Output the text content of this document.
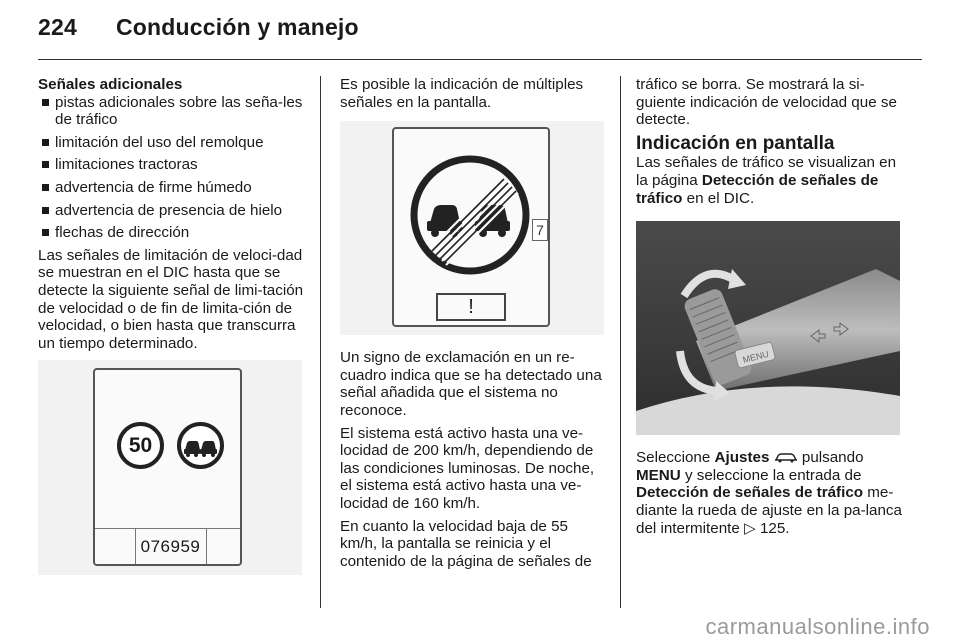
224 Conducción y manejo
Señales adicionales
pistas adicionales sobre las seña-les de tráfico
limitación del uso del remolque
limitaciones tractoras
advertencia de firme húmedo
advertencia de presencia de hielo
flechas de dirección

Las señales de limitación de veloci-dad se muestran en el DIC hasta que se detecte la siguiente señal de limi-tación de velocidad o de fin de limita-ción de velocidad, o bien hasta que transcurra un tiempo determinado.

50
076959

Es posible la indicación de múltiples señales en la pantalla.

!
7

Un signo de exclamación en un re-cuadro indica que se ha detectado una señal añadida que el sistema no reconoce.

El sistema está activo hasta una ve-locidad de 200 km/h, dependiendo de las condiciones luminosas. De noche, el sistema está activo hasta una ve-locidad de 160 km/h.

En cuanto la velocidad baja de 55 km/h, la pantalla se reinicia y el contenido de la página de señales de

tráfico se borra. Se mostrará la si-guiente indicación de velocidad que se detecte.

Indicación en pantalla

Las señales de tráfico se visualizan en la página Detección de señales de tráfico en el DIC.

MENU

Seleccione Ajustes  pulsando MENU y seleccione la entrada de Detección de señales de tráfico me-diante la rueda de ajuste en la pa-lanca del intermitente ▷ 125.

carmanualsonline.info
